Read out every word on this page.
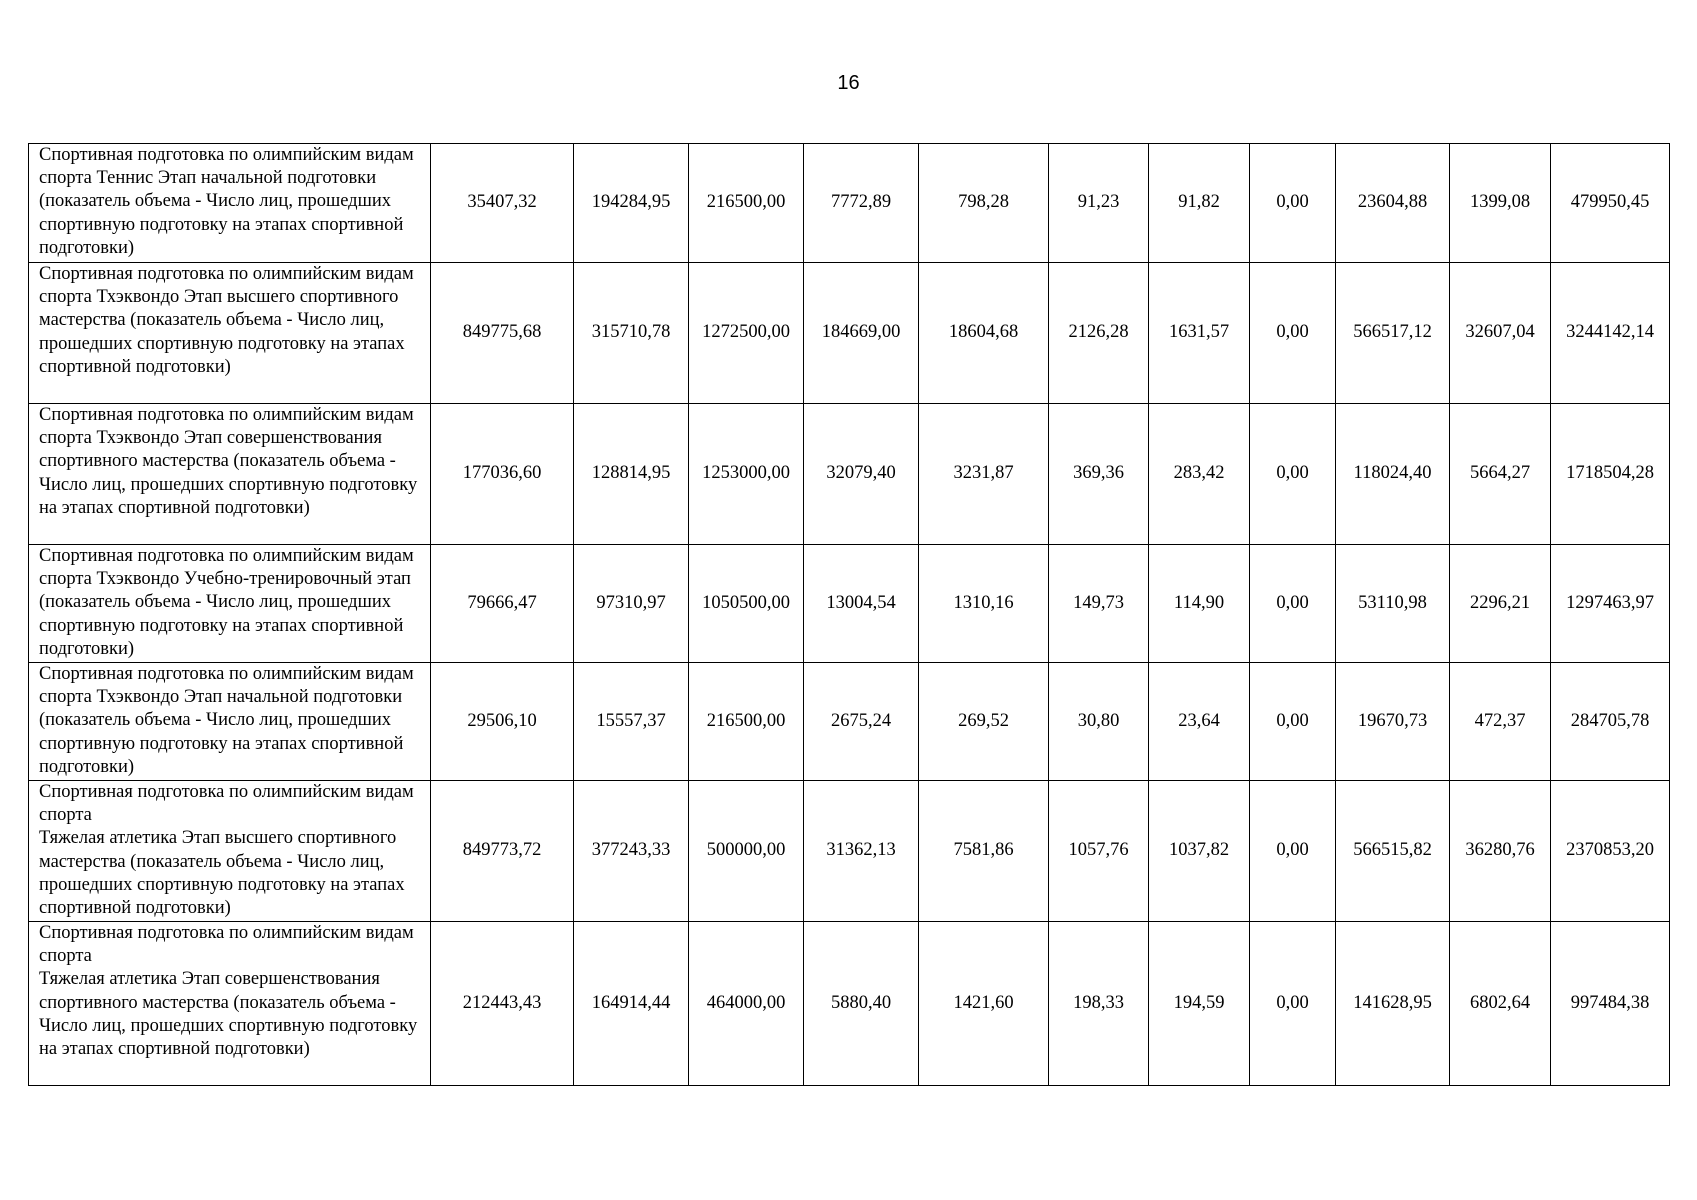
16
Спортивная подготовка по олимпийским видам спорта Теннис Этап начальной подготовки (показатель объема - Число лиц, прошедших спортивную подготовку на этапах спортивной подготовки)	35407,32	194284,95	216500,00	7772,89	798,28	91,23	91,82	0,00	23604,88	1399,08	479950,45
Спортивная подготовка по олимпийским видам спорта Тхэквондо Этап высшего спортивного мастерства (показатель объема - Число лиц, прошедших спортивную подготовку на этапах спортивной подготовки)	849775,68	315710,78	1272500,00	184669,00	18604,68	2126,28	1631,57	0,00	566517,12	32607,04	3244142,14
Спортивная подготовка по олимпийским видам спорта Тхэквондо Этап совершенствования спортивного мастерства (показатель объема - Число лиц, прошедших спортивную подготовку на этапах спортивной подготовки)	177036,60	128814,95	1253000,00	32079,40	3231,87	369,36	283,42	0,00	118024,40	5664,27	1718504,28
Спортивная подготовка по олимпийским видам спорта Тхэквондо Учебно-тренировочный этап (показатель объема - Число лиц, прошедших спортивную подготовку на этапах спортивной подготовки)	79666,47	97310,97	1050500,00	13004,54	1310,16	149,73	114,90	0,00	53110,98	2296,21	1297463,97
Спортивная подготовка по олимпийским видам спорта Тхэквондо Этап начальной подготовки (показатель объема - Число лиц, прошедших спортивную подготовку на этапах спортивной подготовки)	29506,10	15557,37	216500,00	2675,24	269,52	30,80	23,64	0,00	19670,73	472,37	284705,78
Спортивная подготовка по олимпийским видам спорта
Тяжелая атлетика Этап высшего спортивного мастерства (показатель объема - Число лиц, прошедших спортивную подготовку на этапах спортивной подготовки)	849773,72	377243,33	500000,00	31362,13	7581,86	1057,76	1037,82	0,00	566515,82	36280,76	2370853,20
Спортивная подготовка по олимпийским видам спорта
Тяжелая атлетика Этап совершенствования спортивного мастерства (показатель объема - Число лиц, прошедших спортивную подготовку на этапах спортивной подготовки)	212443,43	164914,44	464000,00	5880,40	1421,60	198,33	194,59	0,00	141628,95	6802,64	997484,38
